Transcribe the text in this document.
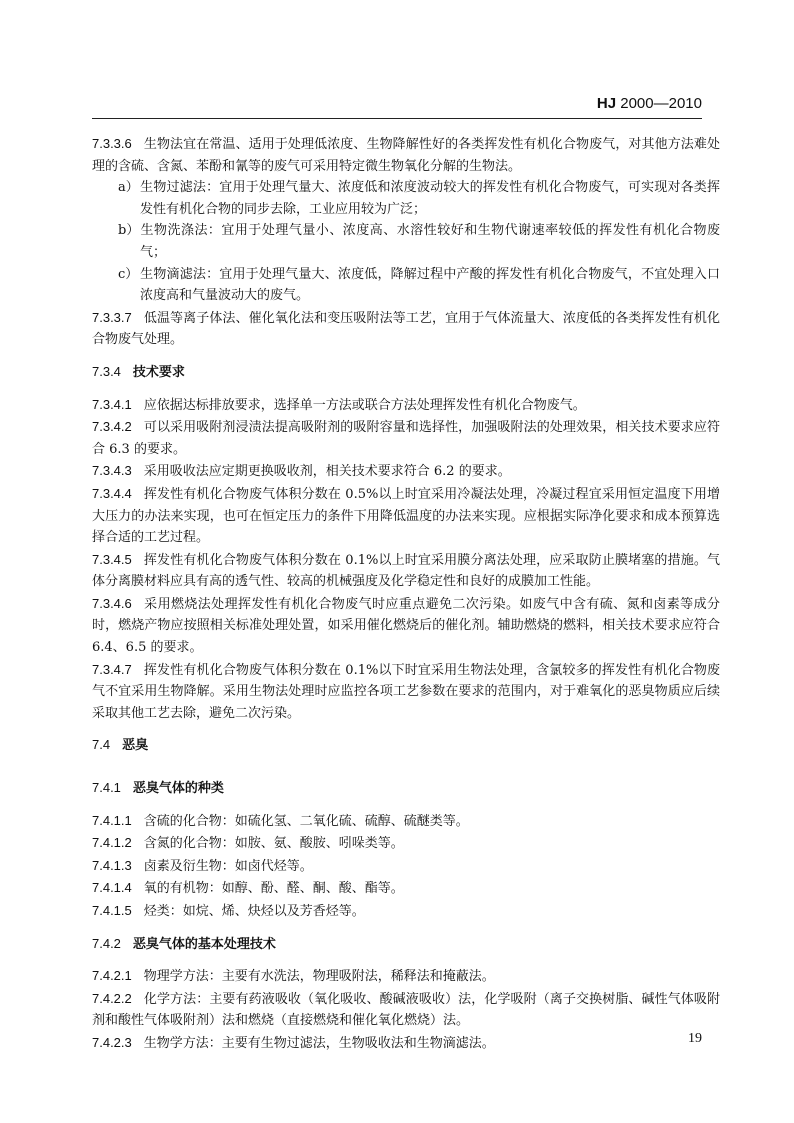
HJ 2000—2010
7.3.3.6 生物法宜在常温、适用于处理低浓度、生物降解性好的各类挥发性有机化合物废气，对其他方法难处理的含硫、含氮、苯酚和氰等的废气可采用特定微生物氧化分解的生物法。
a）生物过滤法：宜用于处理气量大、浓度低和浓度波动较大的挥发性有机化合物废气，可实现对各类挥发性有机化合物的同步去除，工业应用较为广泛；
b）生物洗涤法：宜用于处理气量小、浓度高、水溶性较好和生物代谢速率较低的挥发性有机化合物废气；
c） 生物滴滤法：宜用于处理气量大、浓度低，降解过程中产酸的挥发性有机化合物废气，不宜处理入口浓度高和气量波动大的废气。
7.3.3.7 低温等离子体法、催化氧化法和变压吸附法等工艺，宜用于气体流量大、浓度低的各类挥发性有机化合物废气处理。
7.3.4 技术要求
7.3.4.1 应依据达标排放要求，选择单一方法或联合方法处理挥发性有机化合物废气。
7.3.4.2 可以采用吸附剂浸渍法提高吸附剂的吸附容量和选择性，加强吸附法的处理效果，相关技术要求应符合 6.3 的要求。
7.3.4.3 采用吸收法应定期更换吸收剂，相关技术要求符合 6.2 的要求。
7.3.4.4 挥发性有机化合物废气体积分数在 0.5%以上时宜采用冷凝法处理，冷凝过程宜采用恒定温度下用增大压力的办法来实现，也可在恒定压力的条件下用降低温度的办法来实现。应根据实际净化要求和成本预算选择合适的工艺过程。
7.3.4.5 挥发性有机化合物废气体积分数在 0.1%以上时宜采用膜分离法处理，应采取防止膜堵塞的措施。气体分离膜材料应具有高的透气性、较高的机械强度及化学稳定性和良好的成膜加工性能。
7.3.4.6 采用燃烧法处理挥发性有机化合物废气时应重点避免二次污染。如废气中含有硫、氮和卤素等成分时，燃烧产物应按照相关标准处理处置，如采用催化燃烧后的催化剂。辅助燃烧的燃料，相关技术要求应符合 6.4、6.5 的要求。
7.3.4.7 挥发性有机化合物废气体积分数在 0.1%以下时宜采用生物法处理，含氯较多的挥发性有机化合物废气不宜采用生物降解。采用生物法处理时应监控各项工艺参数在要求的范围内，对于难氧化的恶臭物质应后续采取其他工艺去除，避免二次污染。
7.4 恶臭
7.4.1 恶臭气体的种类
7.4.1.1 含硫的化合物：如硫化氢、二氧化硫、硫醇、硫醚类等。
7.4.1.2 含氮的化合物：如胺、氨、酸胺、吲哚类等。
7.4.1.3 卤素及衍生物：如卤代烃等。
7.4.1.4 氧的有机物：如醇、酚、醛、酮、酸、酯等。
7.4.1.5 烃类：如烷、烯、炔烃以及芳香烃等。
7.4.2 恶臭气体的基本处理技术
7.4.2.1 物理学方法：主要有水洗法，物理吸附法，稀释法和掩蔽法。
7.4.2.2 化学方法：主要有药液吸收（氧化吸收、酸碱液吸收）法，化学吸附（离子交换树脂、碱性气体吸附剂和酸性气体吸附剂）法和燃烧（直接燃烧和催化氧化燃烧）法。
7.4.2.3 生物学方法：主要有生物过滤法，生物吸收法和生物滴滤法。	19
